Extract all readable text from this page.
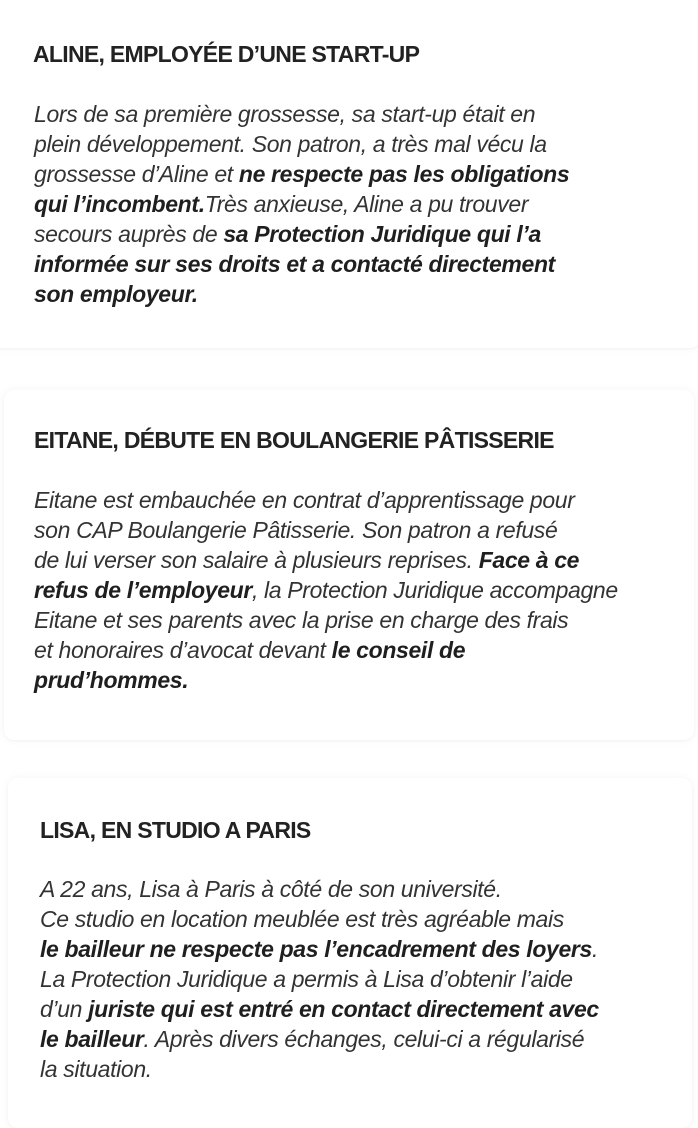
ALINE, EMPLOYÉE D’UNE START-UP

Lors de sa première grossesse, sa start-up était en
plein développement. Son patron, a très mal vécu la
grossesse d’Aline et ne respecte pas les obligations
qui l’incombent.Très anxieuse, Aline a pu trouver
secours auprès de sa Protection Juridique qui l’a
informée sur ses droits et a contacté directement
son employeur.

EITANE, DÉBUTE EN BOULANGERIE PÂTISSERIE

Eitane est embauchée en contrat d’apprentissage pour
son CAP Boulangerie Pâtisserie. Son patron a refusé
de lui verser son salaire à plusieurs reprises. Face à ce
refus de l’employeur, la Protection Juridique accompagne
Eitane et ses parents avec la prise en charge des frais
et honoraires d’avocat devant le conseil de
prud’hommes.

LISA, EN STUDIO A PARIS

A 22 ans, Lisa à Paris à côté de son université.
Ce studio en location meublée est très agréable mais
le bailleur ne respecte pas l’encadrement des loyers.
La Protection Juridique a permis à Lisa d’obtenir l’aide
d’un juriste qui est entré en contact directement avec
le bailleur. Après divers échanges, celui-ci a régularisé
la situation.
